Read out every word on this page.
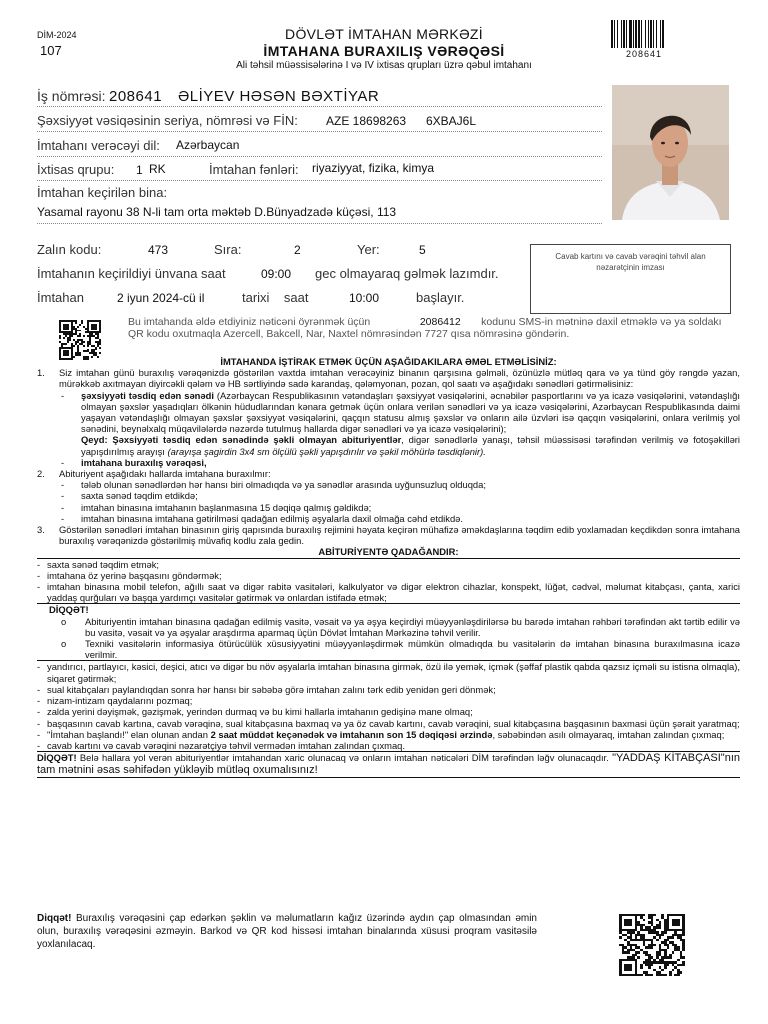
DİM-2024
107
DÖVLƏT İMTAHAN MƏRKƏZİ
İMTAHANA BURAXILIŞ VƏRƏQƏSİ
Ali təhsil müəssisələrinə I və IV ixtisas qrupları üzrə qəbul imtahanı
208641
İş nömrəsi: 208641 ƏLİYEV HƏSƏN BƏXTİYAR
Şəxsiyyət vəsiqəsinin seriya, nömrəsi və FİN: AZE 18698263 6XBAJ6L
İmtahanı verəcəyi dil: Azərbaycan
İxtisas qrupu: 1 RK	İmtahan fənləri: riyaziyyat, fizika, kimya
İmtahan keçirilən bina:
Yasamal rayonu 38 N-li tam orta məktəb D.Bünyadzadə küçəsi, 113
Zalın kodu:	473	Sıra:	2	Yer:	5
İmtahanın keçirildiyi ünvana saat	09:00 gec olmayaraq gəlmək lazımdır.
İmtahan	2 iyun 2024-cü il	tarixi    saat	10:00	başlayır.
Cavab kartını və cavab vərəqini təhvil alan nəzarətçinin imzası
Bu imtahanda əldə etdiyiniz nəticəni öyrənmək üçün	2086412 kodunu SMS-in mətninə daxil etməklə və ya soldakı QR kodu oxutmaqla Azercell, Bakcell, Nar, Naxtel nömrəsindən 7727 qısa nömrəsinə göndərin.

İMTAHANDA İŞTİRAK ETMƏK ÜÇÜN AŞAĞIDAKILARA ƏMƏL ETMƏLİSİNİZ:

1. Siz imtahan günü buraxılış vərəqənizdə göstərilən vaxtda imtahan verəcəyiniz binanın qarşısına gəlməli, özünüzlə mütləq qara və ya tünd göy rəngdə yazan, mürəkkəb axıtmayan diyircəkli qələm və HB sərtliyində sadə karandaş, qələmyonan, pozan, qol saatı və aşağıdakı sənədləri gətirməlisiniz:

- şəxsiyyəti təsdiq edən sənədi (Azərbaycan Respublikasının vətəndaşları şəxsiyyət vəsiqələrini, əcnəbilər pasportlarını və ya icazə vəsiqələrini, vətəndaşlığı olmayan şəxslər yaşadıqları ölkənin hüdudlarından kənara getmək üçün onlara verilən sənədləri və ya icazə vəsiqələrini, Azərbaycan Respublikasında daimi yaşayan vətəndaşlığı olmayan şəxslər şəxsiyyət vəsiqələrini, qaçqın statusu almış şəxslər və onların ailə üzvləri isə qaçqın vəsiqələrini, onlara verilmiş yol sənədini, beynəlxalq müqavilələrdə nəzərdə tutulmuş hallarda digər sənədləri və ya icazə vəsiqələrini);
Qeyd: Şəxsiyyəti təsdiq edən sənədində şəkli olmayan abituriyentlər, digər sənədlərlə yanaşı, təhsil müəssisəsi tərəfindən verilmiş və fotoşəkilləri yapışdırılmış arayışı (arayışa şagirdin 3x4 sm ölçülü şəkli yapışdırılır və şəkil möhürlə təsdiqlənir).

- imtahana buraxılış vərəqəsi,

2. Abituriyent aşağıdakı hallarda imtahana buraxılmır:

- tələb olunan sənədlərdən hər hansı biri olmadıqda və ya sənədlər arasında uyğunsuzluq olduqda;

- saxta sənəd təqdim etdikdə;

- imtahan binasına imtahanın başlanmasına 15 dəqiqə qalmış gəldikdə;

- imtahan binasına imtahana gətirilməsi qadağan edilmiş əşyalarla daxil olmağa cəhd etdikdə.

3. Göstərilən sənədləri imtahan binasının giriş qapısında buraxılış rejimini həyata keçirən mühafizə əməkdaşlarına təqdim edib yoxlamadan keçdikdən sonra imtahana buraxılış vərəqənizdə göstərilmiş müvafiq kodlu zala gedin.

ABİTURİYENTƏ QADAĞANDIR:

- saxta sənəd təqdim etmək;

- imtahana öz yerinə başqasını göndərmək;

- imtahan binasına mobil telefon, ağıllı saat və digər rabitə vasitələri, kalkulyator və digər elektron cihazlar, konspekt, lüğət, cədvəl, məlumat kitabçası, çanta, xarici yaddaş qurğuları və başqa yardımçı vasitələr gətirmək və onlardan istifadə etmək;

DİQQƏT!

o Abituriyentin imtahan binasına qadağan edilmiş vasitə, vəsait və ya əşya keçirdiyi müəyyənləşdirilərsə bu barədə imtahan rəhbəri tərəfindən akt tərtib edilir və bu vasitə, vəsait və ya əşyalar araşdırma aparmaq üçün Dövlət İmtahan Mərkəzinə təhvil verilir.

o Texniki vasitələrin informasiya ötürücülük xüsusiyyətini müəyyənləşdirmək mümkün olmadıqda bu vasitələrin də imtahan binasına buraxılmasına icazə verilmir.

- yandırıcı, partlayıcı, kəsici, deşici, atıcı və digər bu növ əşyalarla imtahan binasına girmək, özü ilə yemək, içmək (şəffaf plastik qabda qazsız içməli su istisna olmaqla), siqaret gətirmək;

- sual kitabçaları paylandıqdan sonra hər hansı bir səbəbə görə imtahan zalını tərk edib yenidən geri dönmək;

- nizam-intizam qaydalarını pozmaq;

- zalda yerini dəyişmək, gəzişmək, yerindən durmaq və bu kimi hallarla imtahanın gedişinə mane olmaq;

- başqasının cavab kartına, cavab vərəqinə, sual kitabçasına baxmaq və ya öz cavab kartını, cavab vərəqini, sual kitabçasına başqasının baxmasi üçün şərait yaratmaq;

- "İmtahan başlandı!" elan olunan andan 2 saat müddət keçənədək və imtahanın son 15 dəqiqəsi ərzində, səbəbindən asılı olmayaraq, imtahan zalından çıxmaq;

- cavab kartını və cavab vərəqini nəzarətçiyə təhvil vermədən imtahan zalından çıxmaq.

DİQQƏT! Belə hallara yol verən abituriyentlər imtahandan xaric olunacaq və onların imtahan nəticələri DİM tərəfindən ləğv olunacaqdır. "YADDAŞ KİTABÇASI"nın tam mətnini əsas səhifədən yükləyib mütləq oxumalısınız!

Diqqət! Buraxılış vərəqəsini çap edərkən şəklin və məlumatların kağız üzərində aydın çap olmasından əmin olun, buraxılış vərəqəsini əzməyin. Barkod və QR kod hissəsi imtahan binalarında xüsusi proqram vasitəsilə yoxlanılacaq.
